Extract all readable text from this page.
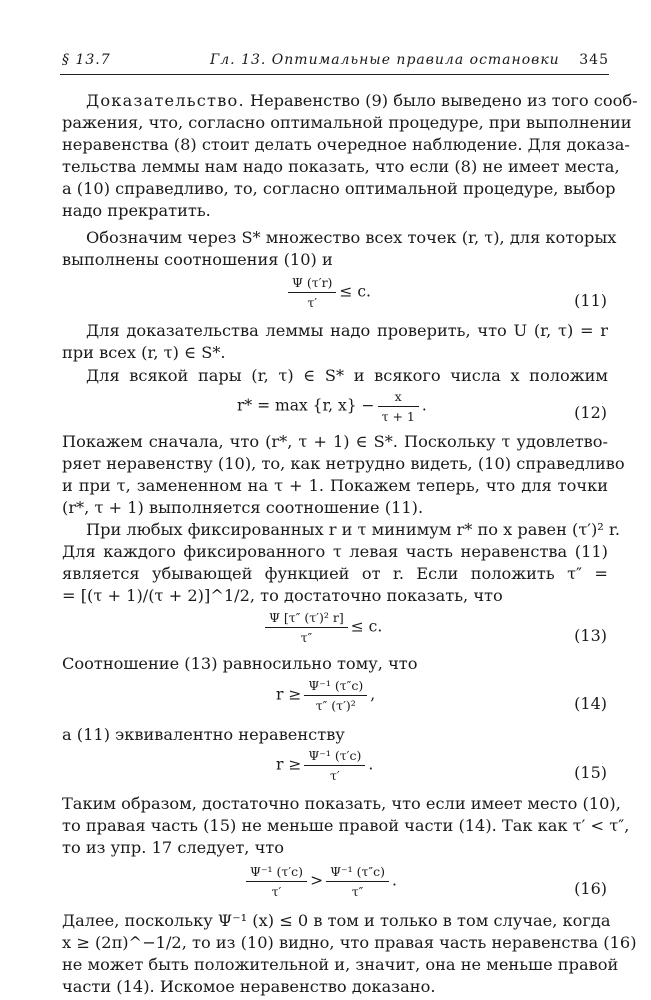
§ 13.7	Гл. 13. Оптимальные правила остановки 345
Доказательство. Неравенство (9) было выведено из того сооб-
ражения, что, согласно оптимальной процедуре, при выполнении
неравенства (8) стоит делать очередное наблюдение. Для доказа-
тельства леммы нам надо показать, что если (8) не имеет места,
а (10) справедливо, то, согласно оптимальной процедуре, выбор
надо прекратить.
Обозначим через S* множество всех точек (r, τ), для которых
выполнены соотношения (10) и
$\frac{\Psi (\tau'r)}{\tau'} \le c$.	(11)
Для доказательства леммы надо проверить, что U (r, τ) = r
при всех (r, τ) ∈ S*.
Для всякой пары (r, τ) ∈ S* и всякого числа x положим
r* = max {r, $x\} - \frac{x}{\tau + 1}$ .	(12)
Покажем сначала, что (r*, τ + 1) ∈ S*. Поскольку τ удовлетво-
ряет неравенству (10), то, как нетрудно видеть, (10) справедливо
и при τ, замененном на τ + 1. Покажем теперь, что для точки
(r*, τ + 1) выполняется соотношение (11).
При любых фиксированных r и τ минимум r* по x равен (τ′)² r.
Для каждого фиксированного τ левая часть неравенства (11)
является убывающей функцией от r. Если положить τ″ =
= [(τ + 1)/(τ + 2)]^1/2, то достаточно показать, что
$\frac{\text{Ψ [τ″ (τ′)² r]}}{\tau''} \le c$.	(13)
Соотношение (13) равносильно тому, что
$r \ge \frac{\text{Ψ⁻¹ (τ″c)}}{\text{τ″ (τ′)²}}$ ,	(14)
а (11) эквивалентно неравенству
$r \ge \frac{\text{Ψ⁻¹ (τ′c)}}{\tau'}$ .	(15)
Таким образом, достаточно показать, что если имеет место (10),
то правая часть (15) не меньше правой части (14). Так как τ′ < τ″,
то из упр. 17 следует, что
$\frac{\text{Ψ⁻¹ (τ′c)}}{\tau'} > \frac{\text{Ψ⁻¹ (τ″c)}}{\tau''}$ .	(16)
Далее, поскольку Ψ⁻¹ (x) ≤ 0 в том и только в том случае, когда
x ≥ (2π)^−1/2, то из (10) видно, что правая часть неравенства (16)
не может быть положительной и, значит, она не меньше правой
части (14). Искомое неравенство доказано.
